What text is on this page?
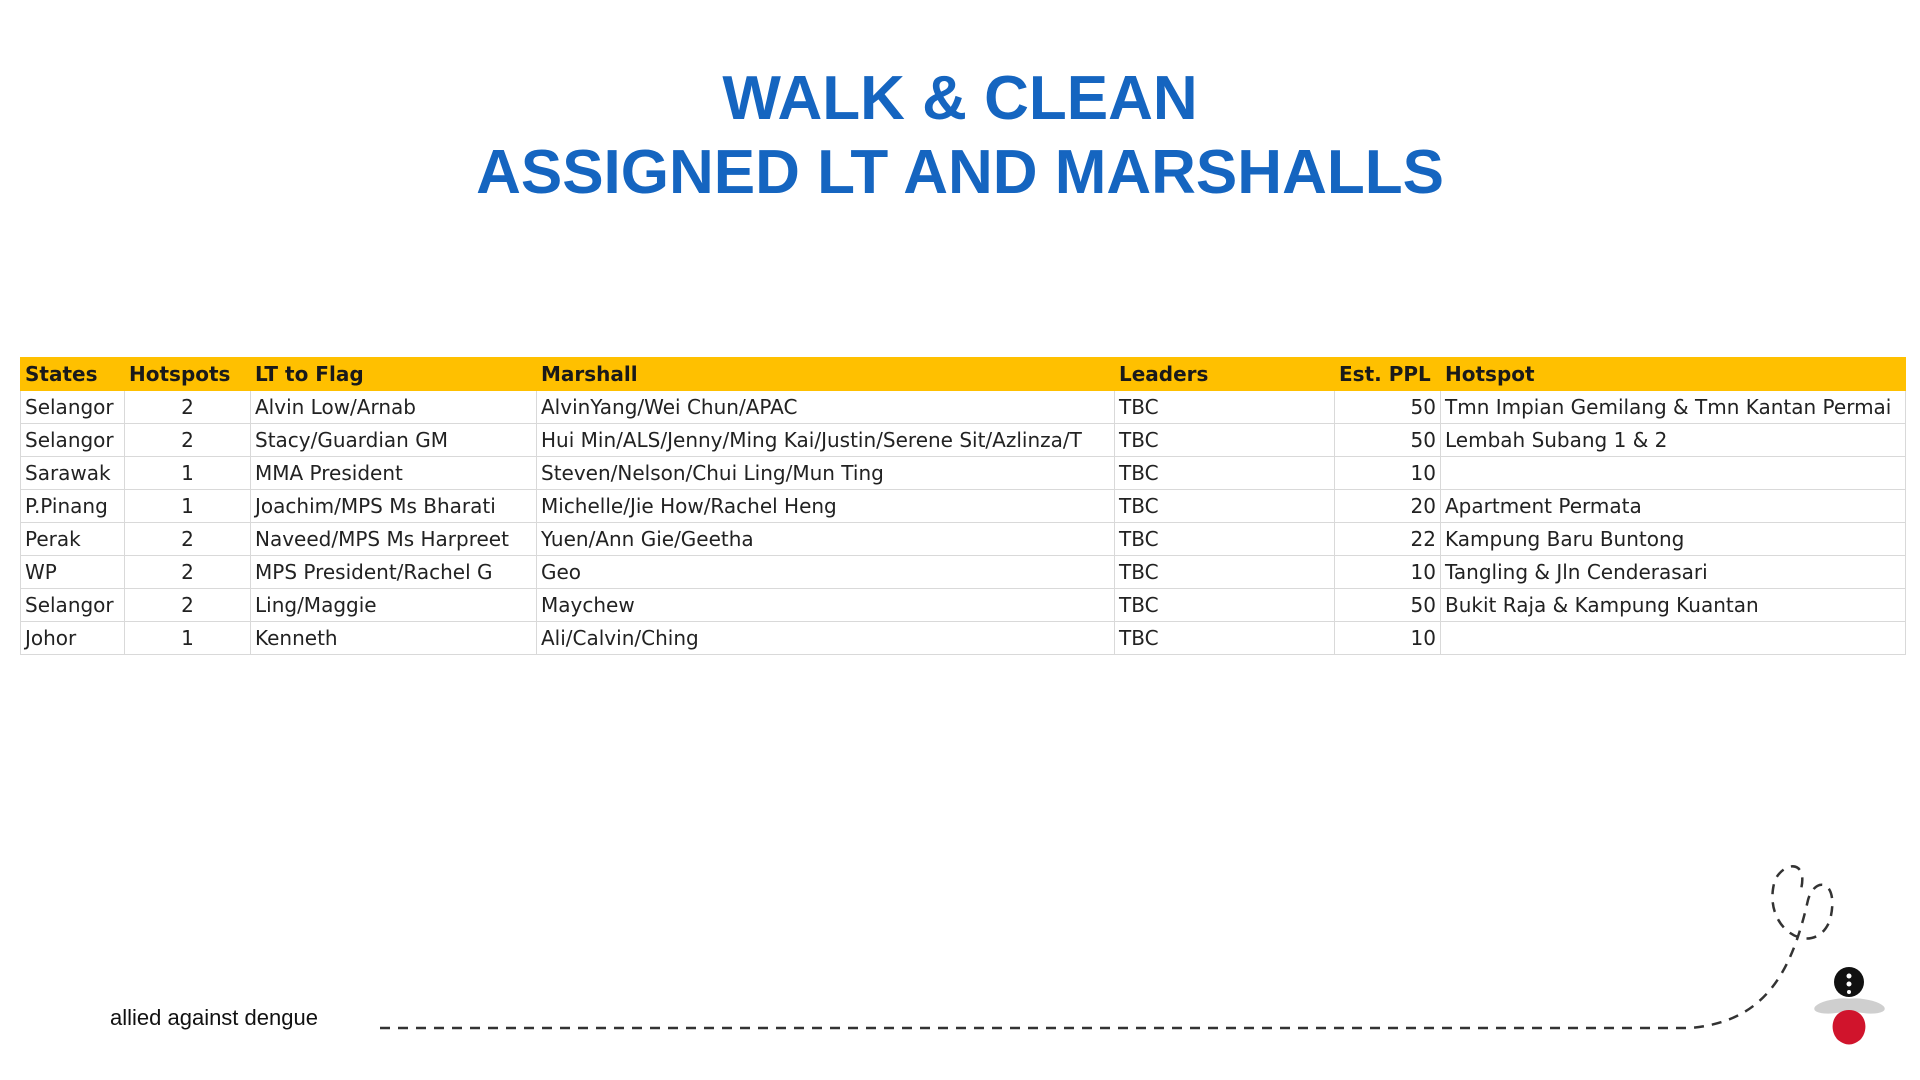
WALK & CLEAN
ASSIGNED LT AND MARSHALLS
States	Hotspots	LT to Flag	Marshall	Leaders	Est. PPL	Hotspot
Selangor	2	Alvin Low/Arnab	AlvinYang/Wei Chun/APAC	TBC	50	Tmn Impian Gemilang & Tmn Kantan Permai
Selangor	2	Stacy/Guardian GM	Hui Min/ALS/Jenny/Ming Kai/Justin/Serene Sit/Azlinza/T	TBC	50	Lembah Subang 1 & 2
Sarawak	1	MMA President	Steven/Nelson/Chui Ling/Mun Ting	TBC	10	
P.Pinang	1	Joachim/MPS Ms Bharati	Michelle/Jie How/Rachel Heng	TBC	20	Apartment Permata
Perak	2	Naveed/MPS Ms Harpreet	Yuen/Ann Gie/Geetha	TBC	22	Kampung Baru Buntong
WP	2	MPS President/Rachel G	Geo	TBC	10	Tangling & Jln Cenderasari
Selangor	2	Ling/Maggie	Maychew	TBC	50	Bukit Raja & Kampung Kuantan
Johor	1	Kenneth	Ali/Calvin/Ching	TBC	10	
allied against dengue
